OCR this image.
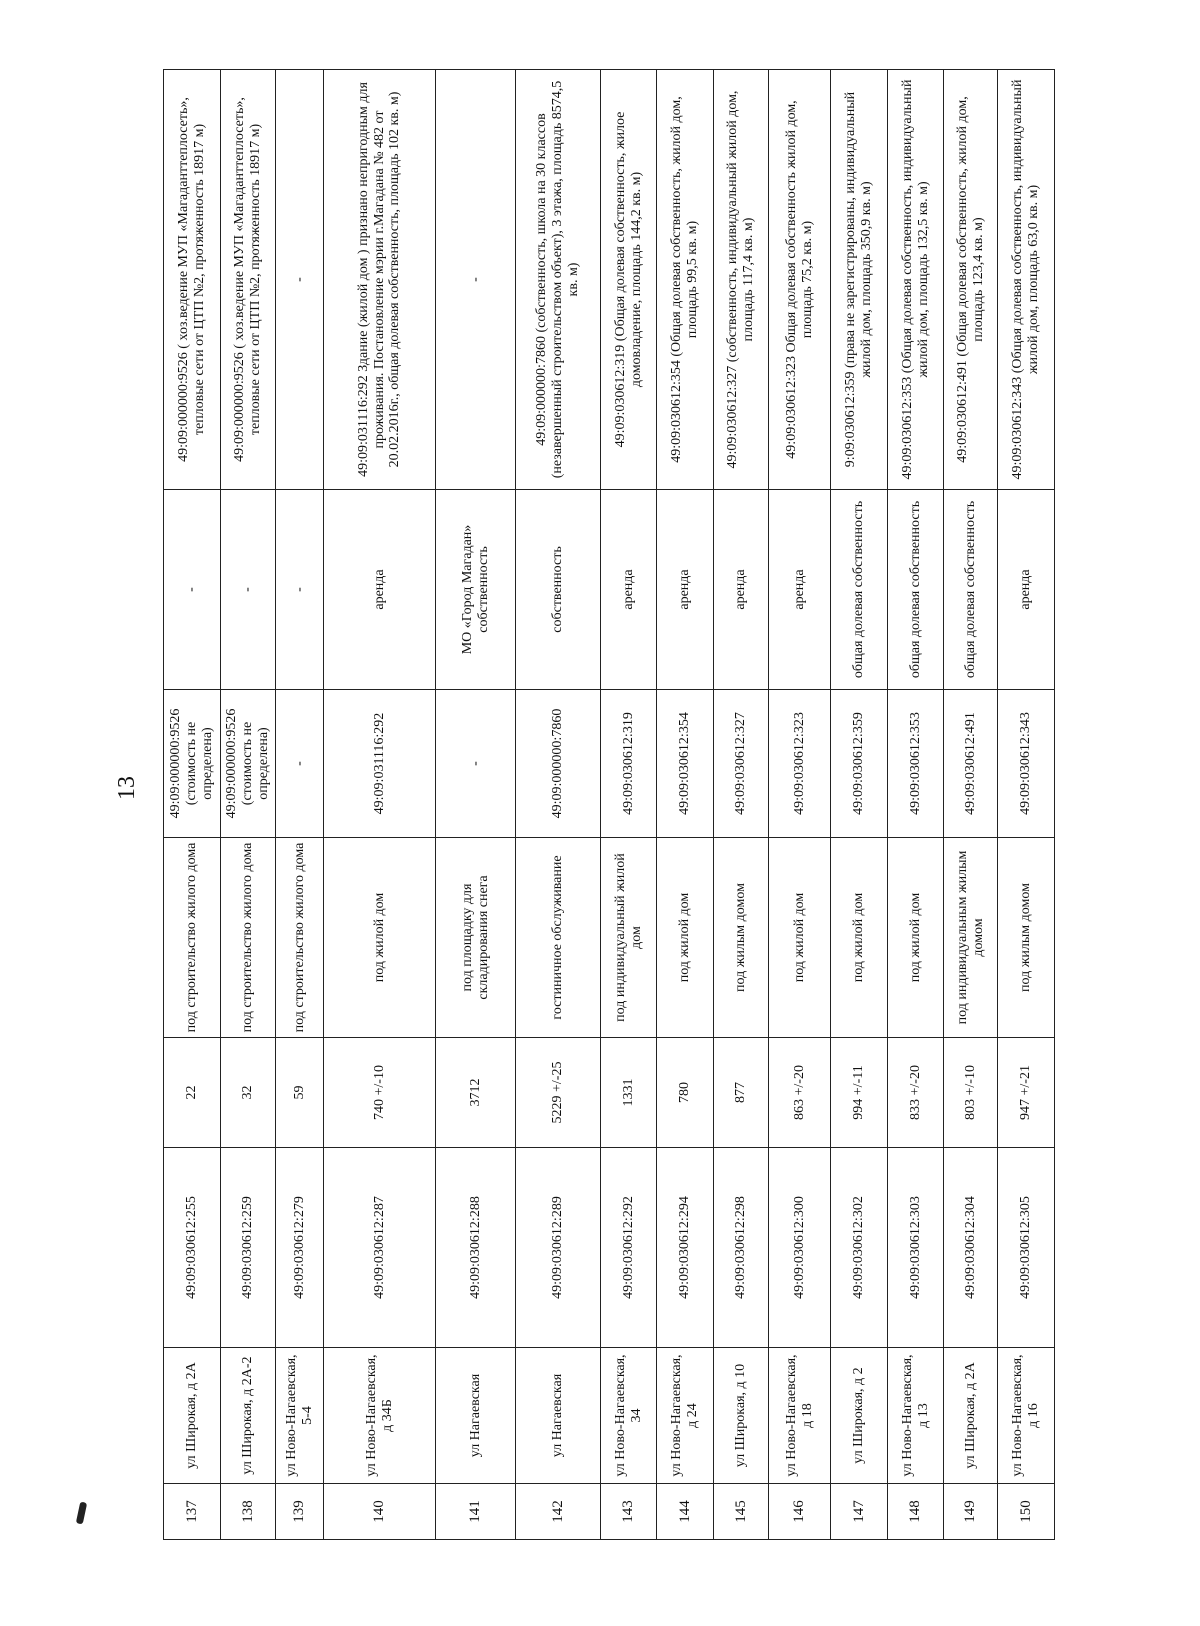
13
137	ул Широкая, д 2А	49:09:030612:255	22	под строительство жилого дома	49:09:000000:9526 (стоимость не определена)	-	49:09:000000:9526 ( хоз.ведение МУП «Магаданттеплосеть», тепловые сети от ЦТП №2, протяженность 18917 м)
138	ул Широкая, д 2А-2	49:09:030612:259	32	под строительство жилого дома	49:09:000000:9526 (стоимость не определена)	-	49:09:000000:9526 ( хоз.ведение МУП «Магаданттеплосеть», тепловые сети от ЦТП №2, протяженность 18917 м)
139	ул Ново-Нагаевская, 5-4	49:09:030612:279	59	под строительство жилого дома	-	-	-
140	ул Ново-Нагаевская, д 34Б	49:09:030612:287	740 +/-10	под жилой дом	49:09:031116:292	аренда	49:09:031116:292 Здание (жилой дом ) признано непригодным для проживания. Постановление мэрии г.Магадана № 482 от 20.02.2016г., общая долевая собственность, площадь 102 кв. м)
141	ул Нагаевская	49:09:030612:288	3712	под площадку для складирования снега	-	МО «Город Магадан» собственность	-
142	ул Нагаевская	49:09:030612:289	5229 +/-25	гостиничное обслуживание	49:09:000000:7860	собственность	49:09:000000:7860 (собственность, школа на 30 классов (незавершенный строительством объект), 3 этажа, площадь 8574,5 кв. м)
143	ул Ново-Нагаевская, 34	49:09:030612:292	1331	под индивидуальный жилой дом	49:09:030612:319	аренда	49:09:030612:319 (Общая долевая собственность, жилое домовладение, площадь 144,2 кв. м)
144	ул Ново-Нагаевская, д 24	49:09:030612:294	780	под жилой дом	49:09:030612:354	аренда	49:09:030612:354 (Общая долевая собственность, жилой дом, площадь 99,5 кв. м)
145	ул Широкая, д 10	49:09:030612:298	877	под жилым домом	49:09:030612:327	аренда	49:09:030612:327 (собственность, индивидуальный жилой дом, площадь 117,4 кв. м)
146	ул Ново-Нагаевская, д 18	49:09:030612:300	863 +/-20	под жилой дом	49:09:030612:323	аренда	49:09:030612:323 Общая долевая собственность жилой дом, площадь 75,2 кв. м)
147	ул Широкая, д 2	49:09:030612:302	994 +/-11	под жилой дом	49:09:030612:359	общая долевая собственность	9:09:030612:359 (права не зарегистрированы, индивидуальный жилой дом, площадь 350,9 кв. м)
148	ул Ново-Нагаевская, д 13	49:09:030612:303	833 +/-20	под жилой дом	49:09:030612:353	общая долевая собственность	49:09:030612:353 (Общая долевая собственность, индивидуальный жилой дом, площадь 132,5 кв. м)
149	ул Широкая, д 2А	49:09:030612:304	803 +/-10	под индивидуальным жилым домом	49:09:030612:491	общая долевая собственность	49:09:030612:491 (Общая долевая собственность, жилой дом, площадь 123,4 кв. м)
150	ул Ново-Нагаевская, д 16	49:09:030612:305	947 +/-21	под жилым домом	49:09:030612:343	аренда	49:09:030612:343 (Общая долевая собственность, индивидуальный жилой дом, площадь 63,0 кв. м)
